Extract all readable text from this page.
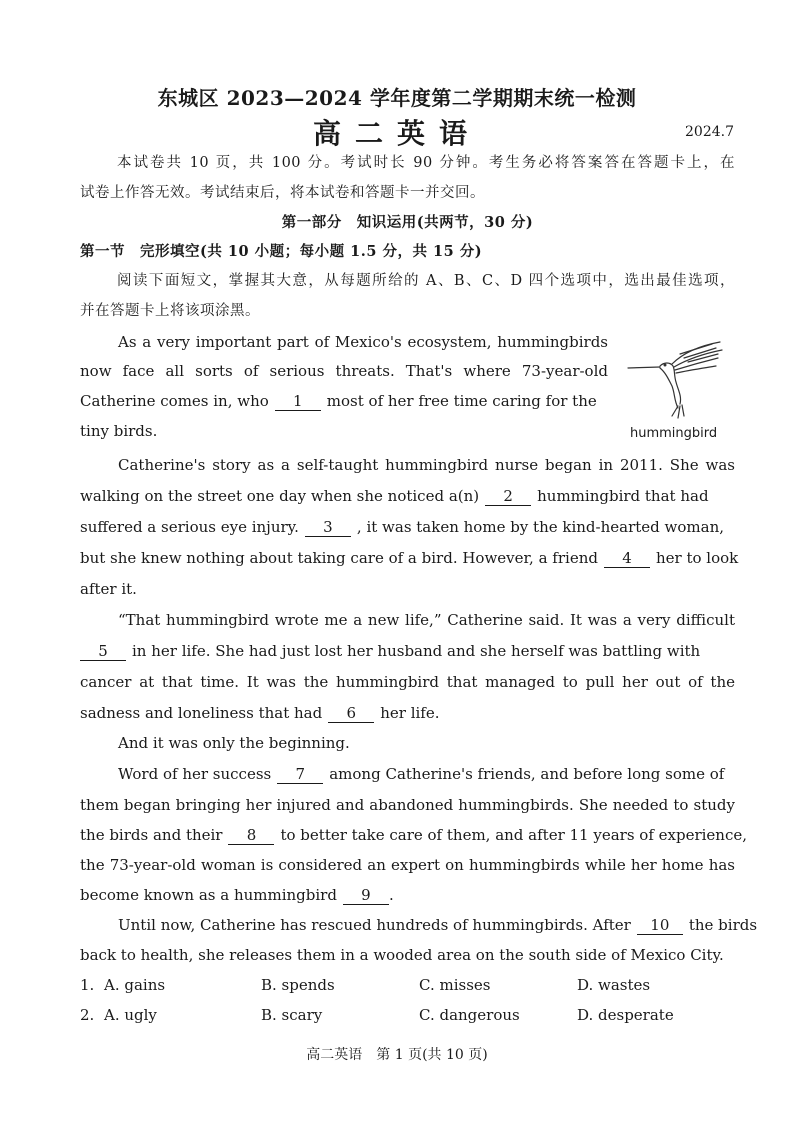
东城区 2023—2024 学年度第二学期期末统一检测
高二英语	2024.7
本试卷共 10 页，共 100 分。考试时长 90 分钟。考生务必将答案答在答题卡上，在
试卷上作答无效。考试结束后，将本试卷和答题卡一并交回。
第一部分　知识运用(共两节，30 分)
第一节　完形填空(共 10 小题；每小题 1.5 分，共 15 分)
阅读下面短文，掌握其大意，从每题所给的 A、B、C、D 四个选项中，选出最佳选项，
并在答题卡上将该项涂黑。
hummingbird
As a very important part of Mexico's ecosystem, hummingbirds
now face all sorts of serious threats. That's where 73-year-old
Catherine comes in, who 1 most of her free time caring for the
tiny birds.
Catherine's story as a self-taught hummingbird nurse began in 2011. She was
walking on the street one day when she noticed a(n) 2 hummingbird that had
suffered a serious eye injury. 3 , it was taken home by the kind-hearted woman,
but she knew nothing about taking care of a bird. However, a friend 4 her to look
after it.
“That hummingbird wrote me a new life,” Catherine said. It was a very difficult
5 in her life. She had just lost her husband and she herself was battling with
cancer at that time. It was the hummingbird that managed to pull her out of the
sadness and loneliness that had 6 her life.
And it was only the beginning.
Word of her success 7 among Catherine's friends, and before long some of
them began bringing her injured and abandoned hummingbirds. She needed to study
the birds and their 8 to better take care of them, and after 11 years of experience,
the 73-year-old woman is considered an expert on hummingbirds while her home has
become known as a hummingbird 9 .
Until now, Catherine has rescued hundreds of hummingbirds. After 10 the birds
back to health, she releases them in a wooded area on the south side of Mexico City.
1. A. gains	B. spends	C. misses	D. wastes
2. A. ugly	B. scary	C. dangerous	D. desperate
高二英语　第 1 页(共 10 页)
